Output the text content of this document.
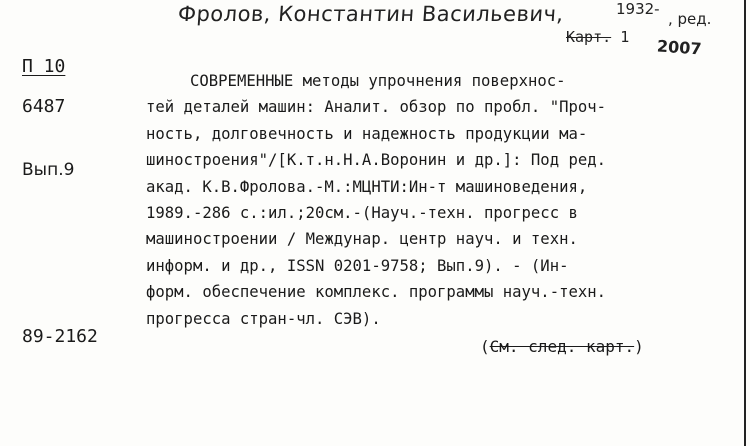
Фролов, Константин Васильевич,	1932-
, ред.
2007
Карт. 1
П 10
6487
Вып.9
СОВРЕМЕННЫЕ методы упрочнения поверхнос-
тей деталей машин: Аналит. обзор по пробл. "Проч-
ность, долговечность и надежность продукции ма-
шиностроения"/[К.т.н.Н.А.Воронин и др.]: Под ред.
акад. К.В.Фролова.-М.:МЦНТИ:Ин-т машиноведения,
1989.-286 с.:ил.;20см.-(Науч.-техн. прогресс в
машиностроении / Междунар. центр науч. и техн.
информ. и др., ISSN 0201-9758; Вып.9). - (Ин-
форм. обеспечение комплекс. программы науч.-техн.
прогресса стран-чл. СЭВ).
89-2162	(См. след. карт.)
